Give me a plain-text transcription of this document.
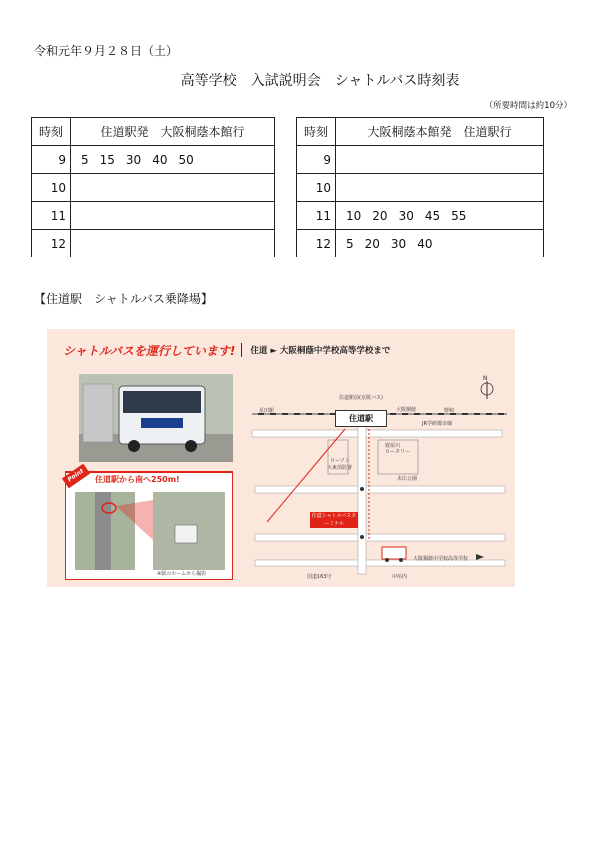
令和元年９月２８日（土）
高等学校　入試説明会　シャトルバス時刻表
（所要時間は約10分）
時刻	住道駅発　大阪桐蔭本館行
9	5 15 30 40 50
10	
11	
12	
時刻	大阪桐蔭本館発　住道駅行
9	
10	
11	10 20 30 45 55
12	5 20 30 40
【住道駅　シャトルバス乗降場】
シャトルバスを運行しています! 住道 ► 大阪桐蔭中学校高等学校まで
N
住道駅前(京阪バス)
住道駅
星田駅	野崎
大阪桐蔭
ローソン
大東消防署
末広公園
寝屋川
ロータリー
JR学研都市線
国道163号	中垣内
大阪桐蔭中学校高等学校
住道シャトルバスターミナル
Point	住道駅から南へ250m!
※駅のホームから撮影
